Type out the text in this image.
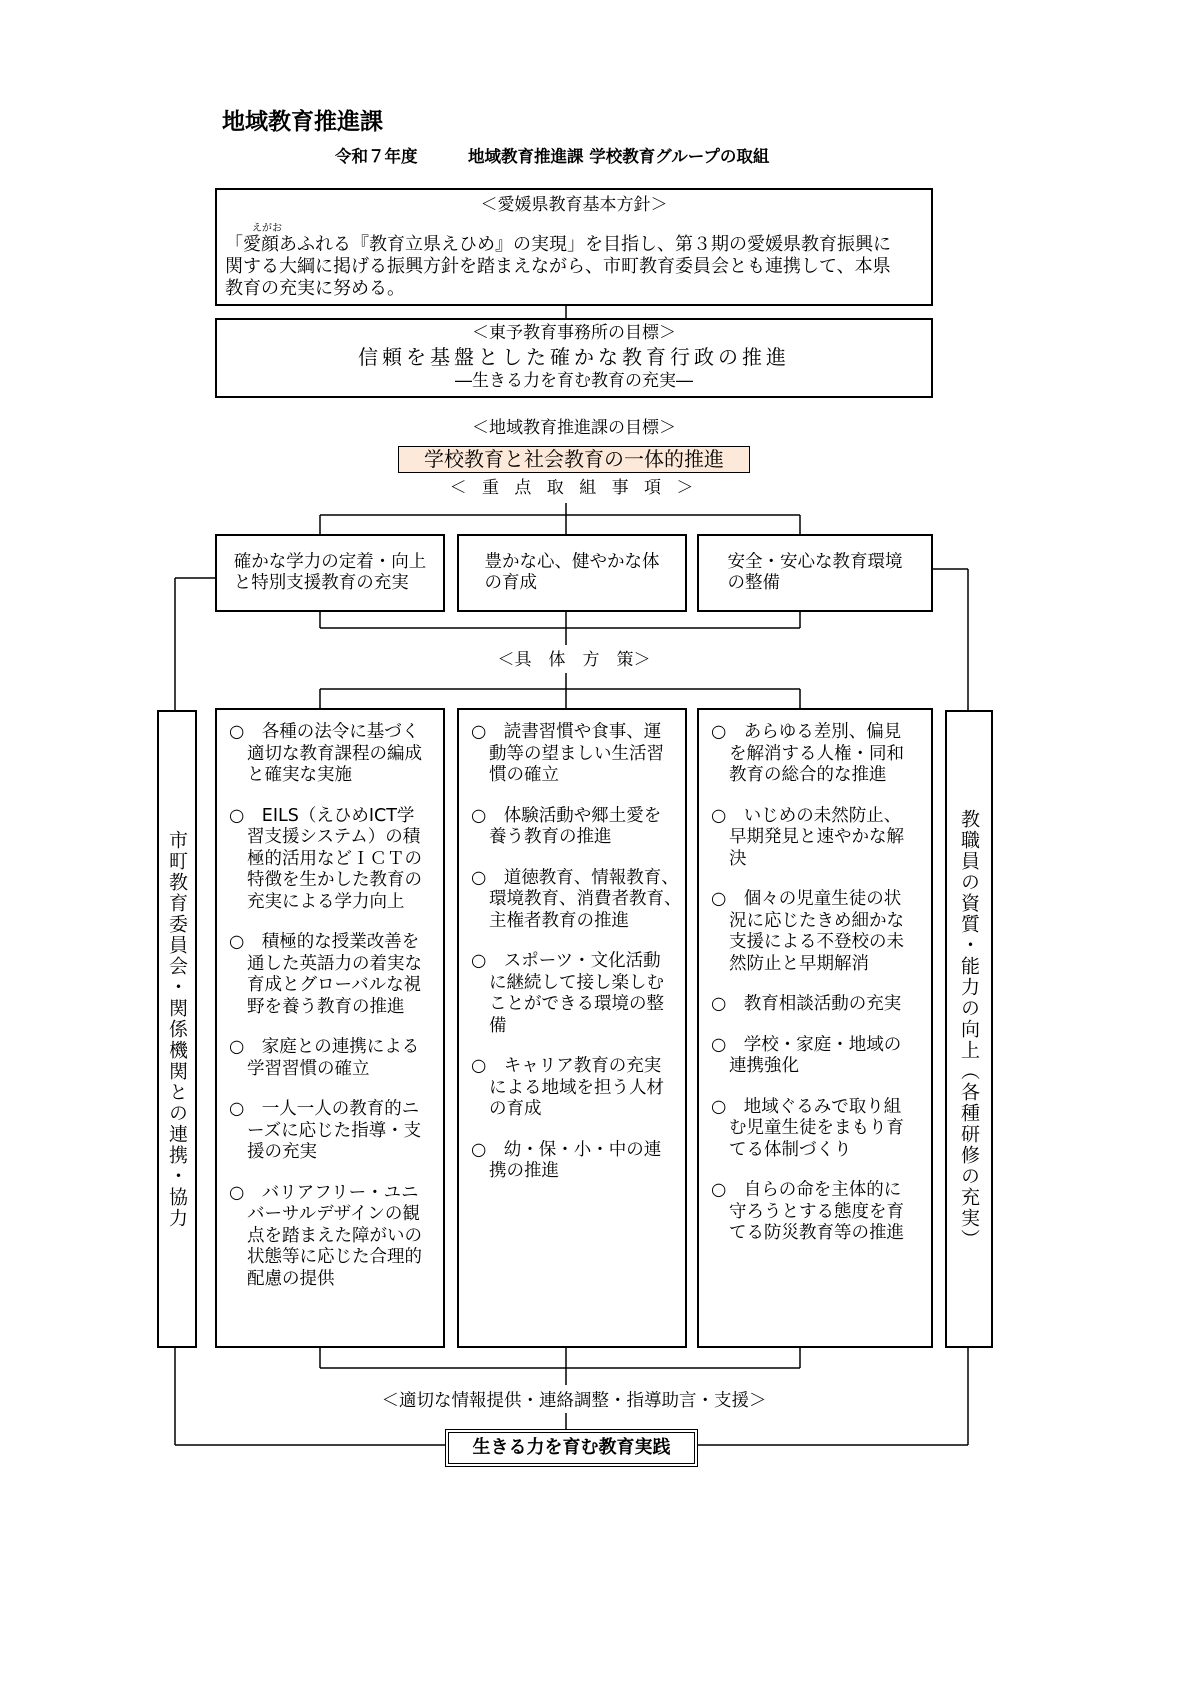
地域教育推進課
令和７年度	地域教育推進課 学校教育グループの取組
＜愛媛県教育基本方針＞
えがお
「愛顔あふれる『教育立県えひめ』の実現」を目指し、第３期の愛媛県教育振興に
関する大綱に掲げる振興方針を踏まえながら、市町教育委員会とも連携して、本県
教育の充実に努める。
＜東予教育事務所の目標＞
信頼を基盤とした確かな教育行政の推進
―生きる力を育む教育の充実―
＜地域教育推進課の目標＞
学校教育と社会教育の一体的推進
＜ 重 点 取 組 事 項 ＞
確かな学力の定着・向上
と特別支援教育の充実
豊かな心、健やかな体
の育成
安全・安心な教育環境
の整備
＜具　体　方　策＞
市町教育委員会・関係機関との連携・協力	教職員の資質・能力の向上（各種研修の充実）
○　各種の法令に基づく
適切な教育課程の編成
と確実な実施
○　EILS（えひめICT学
習支援システム）の積
極的活用などＩＣＴの
特徴を生かした教育の
充実による学力向上
○　積極的な授業改善を
通した英語力の着実な
育成とグローバルな視
野を養う教育の推進
○　家庭との連携による
学習習慣の確立
○　一人一人の教育的ニ
ーズに応じた指導・支
援の充実
○　バリアフリー・ユニ
バーサルデザインの観
点を踏まえた障がいの
状態等に応じた合理的
配慮の提供
○　読書習慣や食事、運
動等の望ましい生活習
慣の確立
○　体験活動や郷土愛を
養う教育の推進
○　道徳教育、情報教育、
環境教育、消費者教育、
主権者教育の推進
○　スポーツ・文化活動
に継続して接し楽しむ
ことができる環境の整
備
○　キャリア教育の充実
による地域を担う人材
の育成
○　幼・保・小・中の連
携の推進
○　あらゆる差別、偏見
を解消する人権・同和
教育の総合的な推進
○　いじめの未然防止、
早期発見と速やかな解
決
○　個々の児童生徒の状
況に応じたきめ細かな
支援による不登校の未
然防止と早期解消
○　教育相談活動の充実
○　学校・家庭・地域の
連携強化
○　地域ぐるみで取り組
む児童生徒をまもり育
てる体制づくり
○　自らの命を主体的に
守ろうとする態度を育
てる防災教育等の推進
＜適切な情報提供・連絡調整・指導助言・支援＞
生きる力を育む教育実践
